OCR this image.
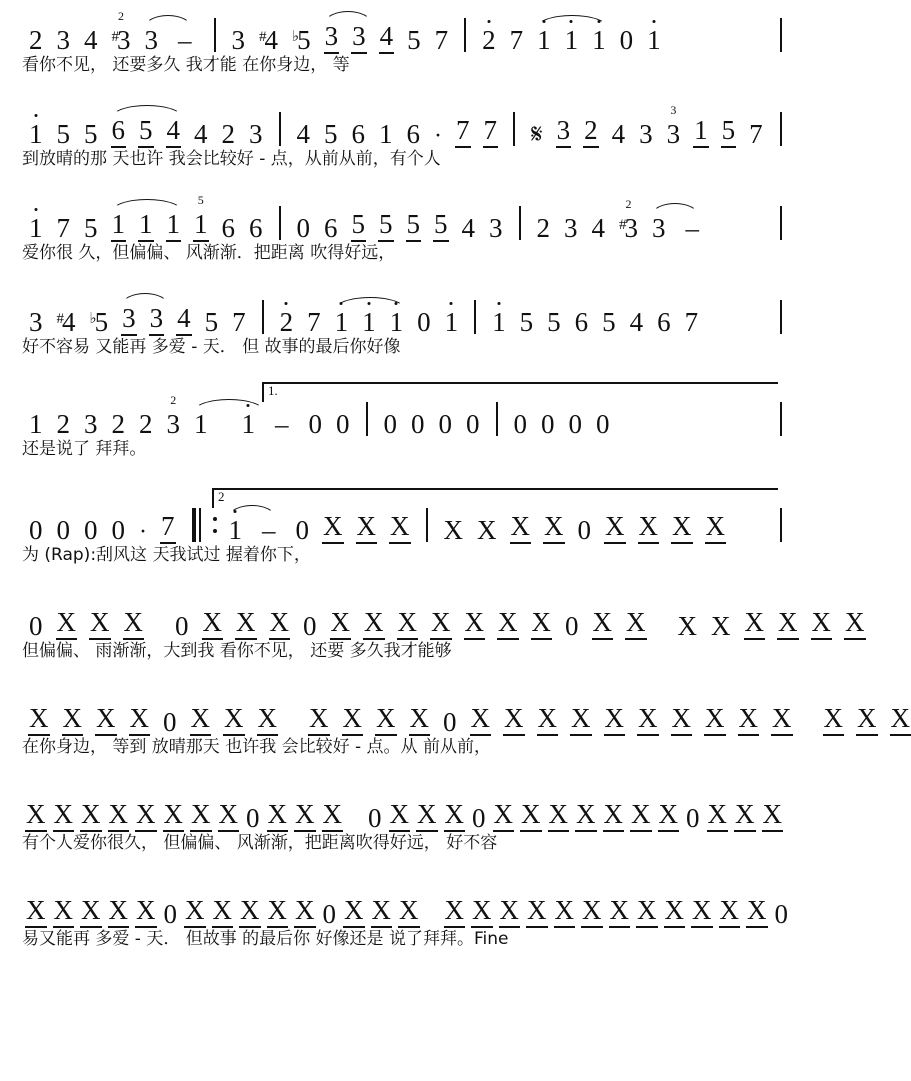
2 3 4
2
#3 3 – 3 #4 ♭5 3 3 4 5 7 2 7 1 1 1 0 1
看你不见， 还要多久 我才能 在你身边， 等
1 5 5 6 5 4 4 2 3 4 5 6 1 6 · 7 7 𝄋 3 2 4 3
3
3 1 5 7
到放晴的那 天也许 我会比较好 - 点，从前从前，有个人
1 7 5 1 1 1
5
1 6 6 0 6 5 5 5 5 4 3 2 3 4
2
#3 3 –
爱你很 久，但偏偏、 风渐渐．把距离 吹得好远，
3 #4 ♭5 3 3 4 5 7 2 7 1 1 1 0 1 1 5 5 6 5 4 6 7
好不容易 又能再 多爱 - 天． 但 故事的最后你好像
1.
1 2 3 2 2
2
3 1 1 – 0 0 0 0 0 0 0 0 0 0
还是说了 拜拜。
2
0 0 0 0 · 7 1 – 0 X X X X X X X 0 X X X X
为 (Rap):刮风这 天我试过 握着你下，
0 X X X 0 X X X 0 X X X X X X X 0 X X X X X X X X
但偏偏、 雨渐渐，大到我 看你不见， 还要 多久我才能够
X X X X 0 X X X X X X X 0 X X X X X X X X X X X X X
在你身边， 等到 放晴那天 也许我 会比较好 - 点。从 前从前，
X X X X X X X X 0 X X X 0 X X X 0 X X X X X X X 0 X X X
有个人爱你很久， 但偏偏、 风渐渐，把距离吹得好远， 好不容
X X X X X 0 X X X X X 0 X X X X X X X X X X X X X X X 0
易又能再 多爱 - 天． 但故事 的最后你 好像还是 说了拜拜。Fine
